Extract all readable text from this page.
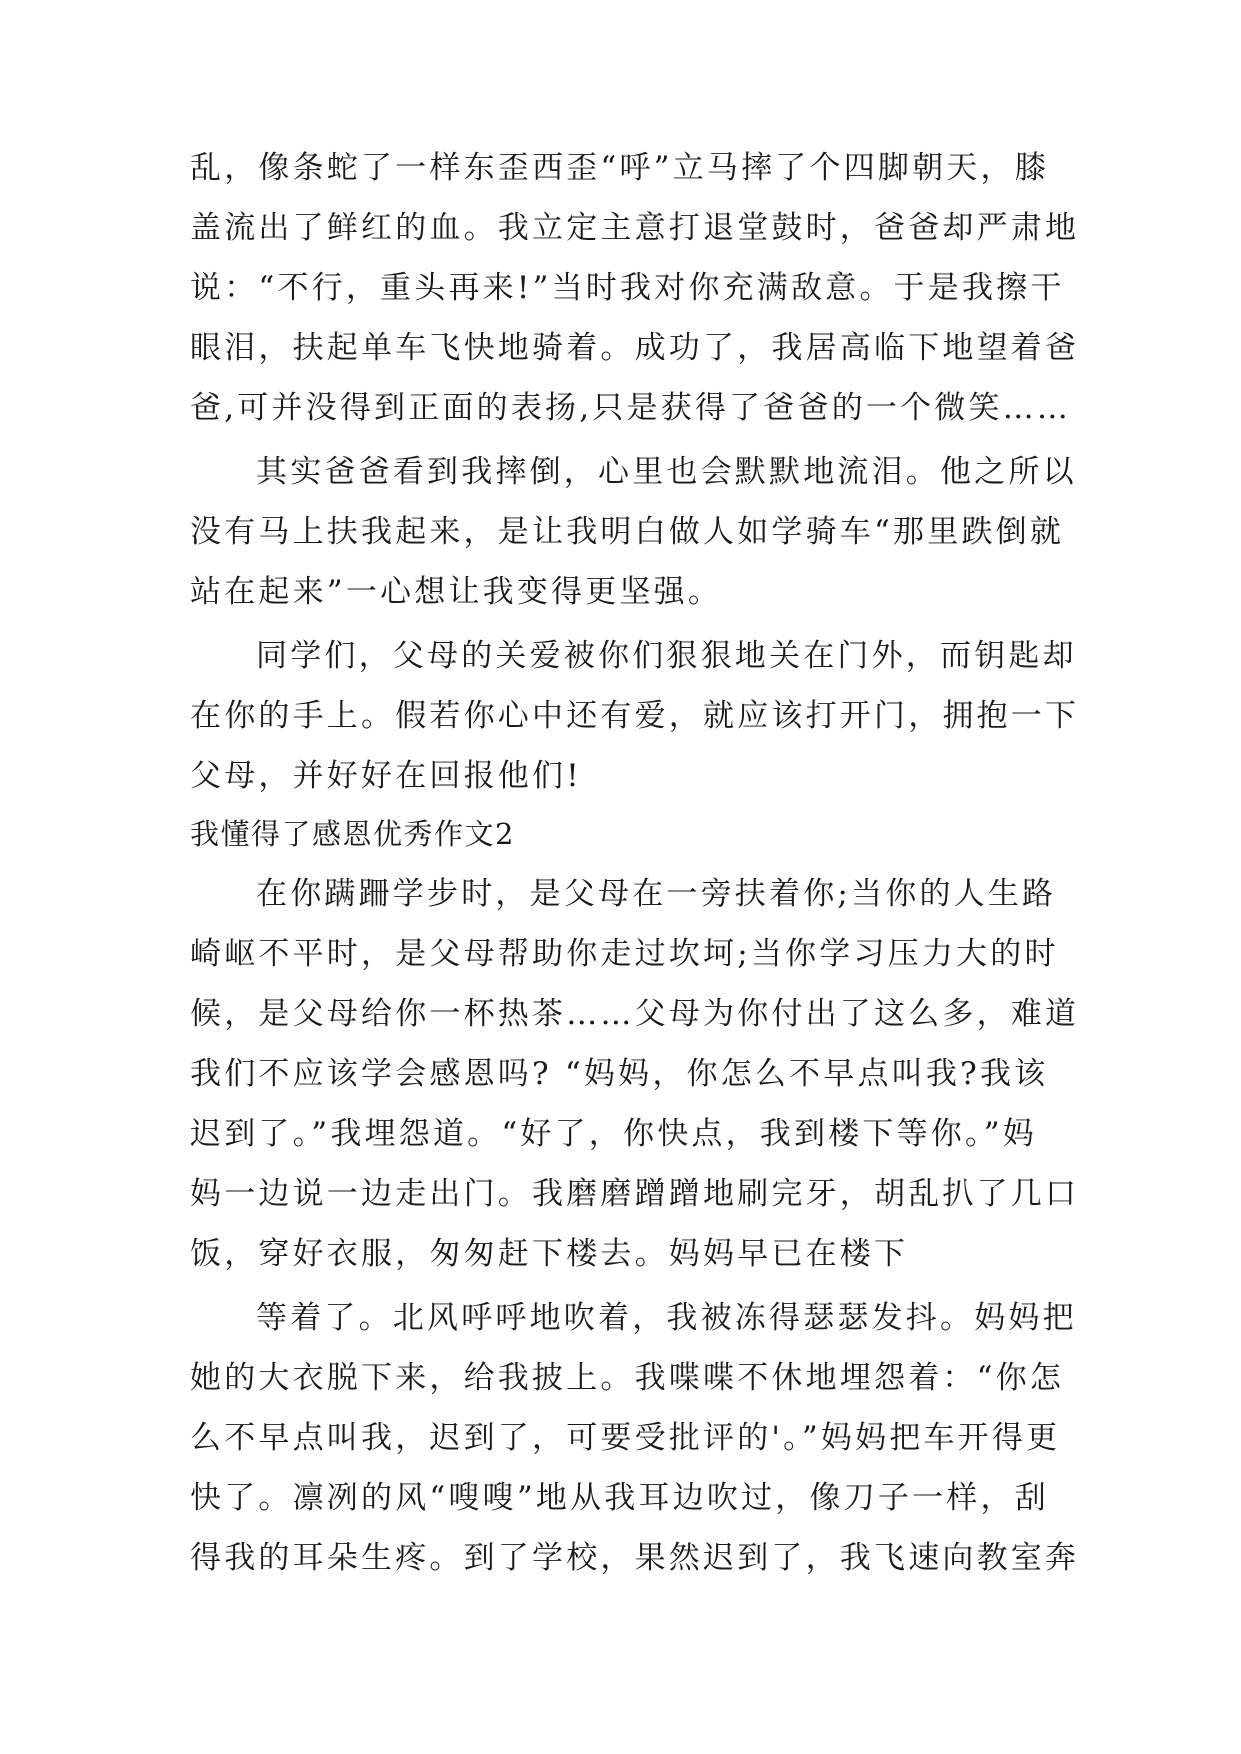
乱，像条蛇了一样东歪西歪“呼”立马摔了个四脚朝天，膝
盖流出了鲜红的血。我立定主意打退堂鼓时，爸爸却严肃地
说：“不行，重头再来!”当时我对你充满敌意。于是我擦干
眼泪，扶起单车飞快地骑着。成功了，我居高临下地望着爸
爸,可并没得到正面的表扬,只是获得了爸爸的一个微笑……
其实爸爸看到我摔倒，心里也会默默地流泪。他之所以
没有马上扶我起来，是让我明白做人如学骑车“那里跌倒就
站在起来”一心想让我变得更坚强。
同学们，父母的关爱被你们狠狠地关在门外，而钥匙却
在你的手上。假若你心中还有爱，就应该打开门，拥抱一下
父母，并好好在回报他们!
我懂得了感恩优秀作文2
在你蹒跚学步时，是父母在一旁扶着你;当你的人生路
崎岖不平时，是父母帮助你走过坎坷;当你学习压力大的时
候，是父母给你一杯热茶……父母为你付出了这么多，难道
我们不应该学会感恩吗? “妈妈，你怎么不早点叫我?我该
迟到了。”我埋怨道。“好了，你快点，我到楼下等你。”妈
妈一边说一边走出门。我磨磨蹭蹭地刷完牙，胡乱扒了几口
饭，穿好衣服，匆匆赶下楼去。妈妈早已在楼下
等着了。北风呼呼地吹着，我被冻得瑟瑟发抖。妈妈把
她的大衣脱下来，给我披上。我喋喋不休地埋怨着：“你怎
么不早点叫我，迟到了，可要受批评的'。”妈妈把车开得更
快了。凛冽的风“嗖嗖”地从我耳边吹过，像刀子一样，刮
得我的耳朵生疼。到了学校，果然迟到了，我飞速向教室奔
